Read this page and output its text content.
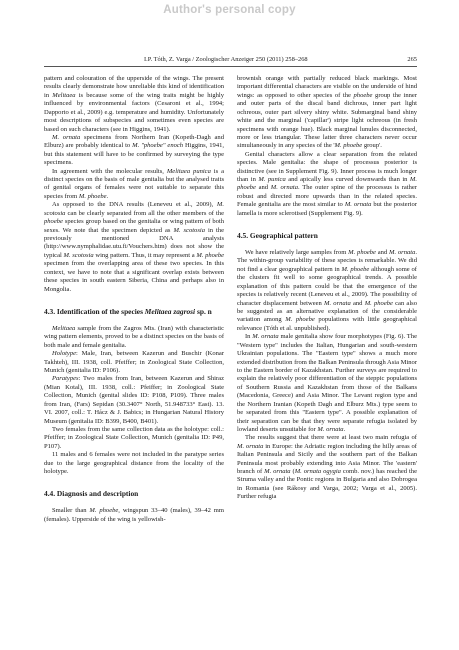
Author's personal copy
I.P. Tóth, Z. Varga / Zoologischer Anzeiger 250 (2011) 258–268	265

pattern and colouration of the upperside of the wings. The present results clearly demonstrate how unreliable this kind of identification in Melitaea is because some of the wing traits might be highly influenced by environmental factors (Cesaroni et al., 1994; Dapporto et al., 2009) e.g. temperature and humidity. Unfortunately most descriptions of subspecies and sometimes even species are based on such characters (see in Higgins, 1941).

M. ornata specimens from Northern Iran (Kopeth-Dagh and Elburz) are probably identical to M. "phoebe" enoch Higgins, 1941, but this statement will have to be confirmed by surveying the type specimens.

In agreement with the molecular results, Melitaea punica is a distinct species on the basis of male genitalia but the analysed traits of genital organs of females were not suitable to separate this species from M. phoebe.

As opposed to the DNA results (Leneveu et al., 2009), M. scotosia can be clearly separated from all the other members of the phoebe species group based on the genitalia or wing pattern of both sexes. We note that the specimen depicted as M. scotosia in the previously mentioned DNA analysis (http://www.nymphalidae.utu.fi/Vouchers.htm) does not show the typical M. scotosia wing pattern. Thus, it may represent a M. phoebe specimen from the overlapping area of these two species. In this context, we have to note that a significant overlap exists between these species in south eastern Siberia, China and perhaps also in Mongolia.

4.3. Identification of the species Melitaea zagrosi sp. n

Melitaea sample from the Zagros Mts. (Iran) with characteristic wing pattern elements, proved to be a distinct species on the basis of both male and female genitalia.

Holotype: Male, Iran, between Kazerun and Buschir (Konar Takhteh), III. 1938, coll. Pfeiffer; in Zoological State Collection, Munich (genitalia ID: P106).

Paratypes: Two males from Iran, between Kazerun and Shiraz (Mian Kotal), III. 1938, coll.: Pfeiffer; in Zoological State Collection, Munich (genital slides ID: P108, P109). Three males from Iran, (Fars) Sepidan (30.3407° North, 51.948733° East). 13. VI. 2007, coll.: T. Hácz & J. Babics; in Hungarian Natural History Museum (genitalia ID: B399, B400, B401).

Two females from the same collection data as the holotype: coll.: Pfeiffer; in Zoological State Collection, Munich (genitalia ID: P49, P107).

11 males and 6 females were not included in the paratype series due to the large geographical distance from the locality of the holotype.

4.4. Diagnosis and description

Smaller than M. phoebe, wingspun 33–40 (males), 39–42 mm (females). Upperside of the wing is yellowish-

brownish orange with partially reduced black markings. Most important differential characters are visible on the underside of hind wings: as opposed to other species of the phoebe group the inner and outer parts of the discal band dichrous, inner part light ochreous, outer part silvery shiny white. Submarginal band shiny white and the marginal ('capillar') stripe light ochreous (in fresh specimens with orange hue). Black marginal lunules disconnected, more or less triangular. These latter three characters never occur simultaneously in any species of the 'M. phoebe group'.

Genital characters allow a clear separation from the related species. Male genitalia: the shape of processus posterior is distinctive (see in Supplement Fig. 9). Inner process is much longer than in M. punica and apically less curved downwards than in M. phoebe and M. ornata. The outer spine of the processus is rather robust and directed more upwards than in the related species. Female genitalia are the most similar to M. ornata but the posterior lamella is more sclerotised (Supplement Fig. 9).

4.5. Geographical pattern

We have relatively large samples from M. phoebe and M. ornata. The within-group variability of these species is remarkable. We did not find a clear geographical pattern in M. phoebe although some of the clusters fit well to some geographical trends. A possible explanation of this pattern could be that the emergence of the species is relatively recent (Leneveu et al., 2009). The possibility of character displacement between M. ornata and M. phoebe can also be suggested as an alternative explanation of the considerable variation among M. phoebe populations with little geographical relevance (Tóth et al. unpublished).

In M. ornata male genitalia show four morphotypes (Fig. 6). The "Western type" includes the Italian, Hungarian and south-western Ukrainian populations. The "Eastern type" shows a much more extended distribution from the Balkan Peninsula through Asia Minor to the Eastern border of Kazakhstan. Further surveys are required to explain the relatively poor differentiation of the steppic populations of Southern Russia and Kazakhstan from those of the Balkans (Macedonia, Greece) and Asia Minor. The Levant region type and the Northern Iranian (Kopeth Dagh and Elburz Mts.) type seem to be separated from this "Eastern type". A possible explanation of their separation can be that they were separate refugia isolated by lowland deserts unsuitable for M. ornata.

The results suggest that there were at least two main refugia of M. ornata in Europe: the Adriatic region including the hilly areas of Italian Peninsula and Sicily and the southern part of the Balkan Peninsula most probably extending into Asia Minor. The 'eastern' branch of M. ornata (M. ornata ogygia comb. nov.) has reached the Struma valley and the Pontic regions in Bulgaria and also Dobrogea in Romania (see Rákosy and Varga, 2002; Varga et al., 2005). Further refugia
